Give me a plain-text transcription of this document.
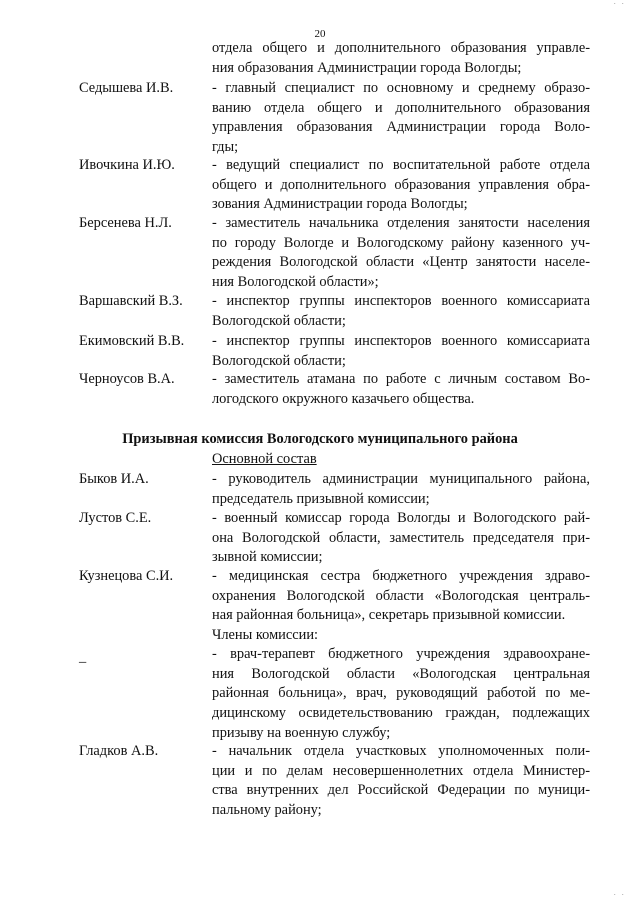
· ·
20
отдела общего и дополнительного образования управле-
ния образования Администрации города Вологды;
Седышева И.В.	- главный специалист по основному и среднему образо-
ванию отдела общего и дополнительного образования
управления образования Администрации города Воло-
гды;
Ивочкина И.Ю.	- ведущий специалист по воспитательной работе отдела
общего и дополнительного образования управления обра-
зования Администрации города Вологды;
Берсенева Н.Л.	- заместитель начальника отделения занятости населения
по городу Вологде и Вологодскому району казенного уч-
реждения Вологодской области «Центр занятости населе-
ния Вологодской области»;
Варшавский В.З. - инспектор группы инспекторов военного комиссариата
Вологодской области;
Екимовский В.В. - инспектор группы инспекторов военного комиссариата
Вологодской области;
Черноусов В.А.	- заместитель атамана по работе с личным составом Во-
логодского окружного казачьего общества.
Призывная комиссия Вологодского муниципального района
Основной состав
Быков И.А.	- руководитель администрации муниципального района,
председатель призывной комиссии;
Лустов С.Е.	- военный комиссар города Вологды и Вологодского рай-
она Вологодской области, заместитель председателя при-
зывной комиссии;
Кузнецова С.И.	- медицинская сестра бюджетного учреждения здраво-
охранения Вологодской области «Вологодская централь-
ная районная больница», секретарь призывной комиссии.
Члены комиссии:
–	- врач-терапевт бюджетного учреждения здравоохране-
ния Вологодской области «Вологодская центральная
районная больница», врач, руководящий работой по ме-
дицинскому освидетельствованию граждан, подлежащих
призыву на военную службу;
Гладков А.В.	- начальник отдела участковых уполномоченных поли-
ции и по делам несовершеннолетних отдела Министер-
ства внутренних дел Российской Федерации по муници-
пальному району;
· ·
